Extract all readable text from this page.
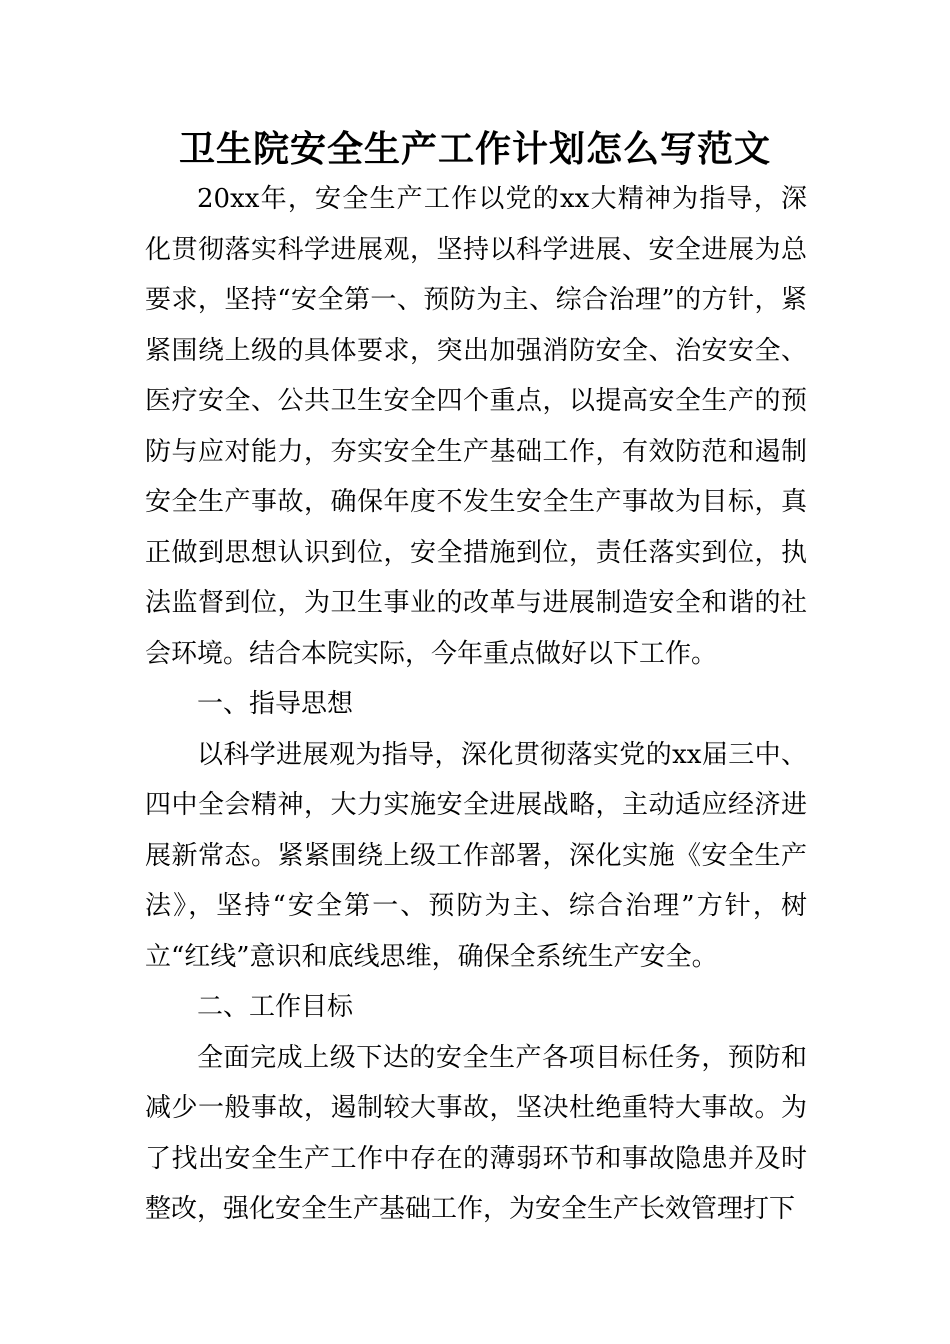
卫生院安全生产工作计划怎么写范文

20xx年，安全生产工作以党的xx大精神为指导，深化贯彻落实科学进展观，坚持以科学进展、安全进展为总要求，坚持“安全第一、预防为主、综合治理”的方针，紧紧围绕上级的具体要求，突出加强消防安全、治安安全、医疗安全、公共卫生安全四个重点，以提高安全生产的预防与应对能力，夯实安全生产基础工作，有效防范和遏制安全生产事故，确保年度不发生安全生产事故为目标，真正做到思想认识到位，安全措施到位，责任落实到位，执法监督到位，为卫生事业的改革与进展制造安全和谐的社会环境。结合本院实际，今年重点做好以下工作。

一、指导思想

以科学进展观为指导，深化贯彻落实党的xx届三中、四中全会精神，大力实施安全进展战略，主动适应经济进展新常态。紧紧围绕上级工作部署，深化实施《安全生产法》，坚持“安全第一、预防为主、综合治理”方针，树立“红线”意识和底线思维，确保全系统生产安全。

二、工作目标

全面完成上级下达的安全生产各项目标任务，预防和减少一般事故，遏制较大事故，坚决杜绝重特大事故。为了找出安全生产工作中存在的薄弱环节和事故隐患并及时整改，强化安全生产基础工作，为安全生产长效管理打下
